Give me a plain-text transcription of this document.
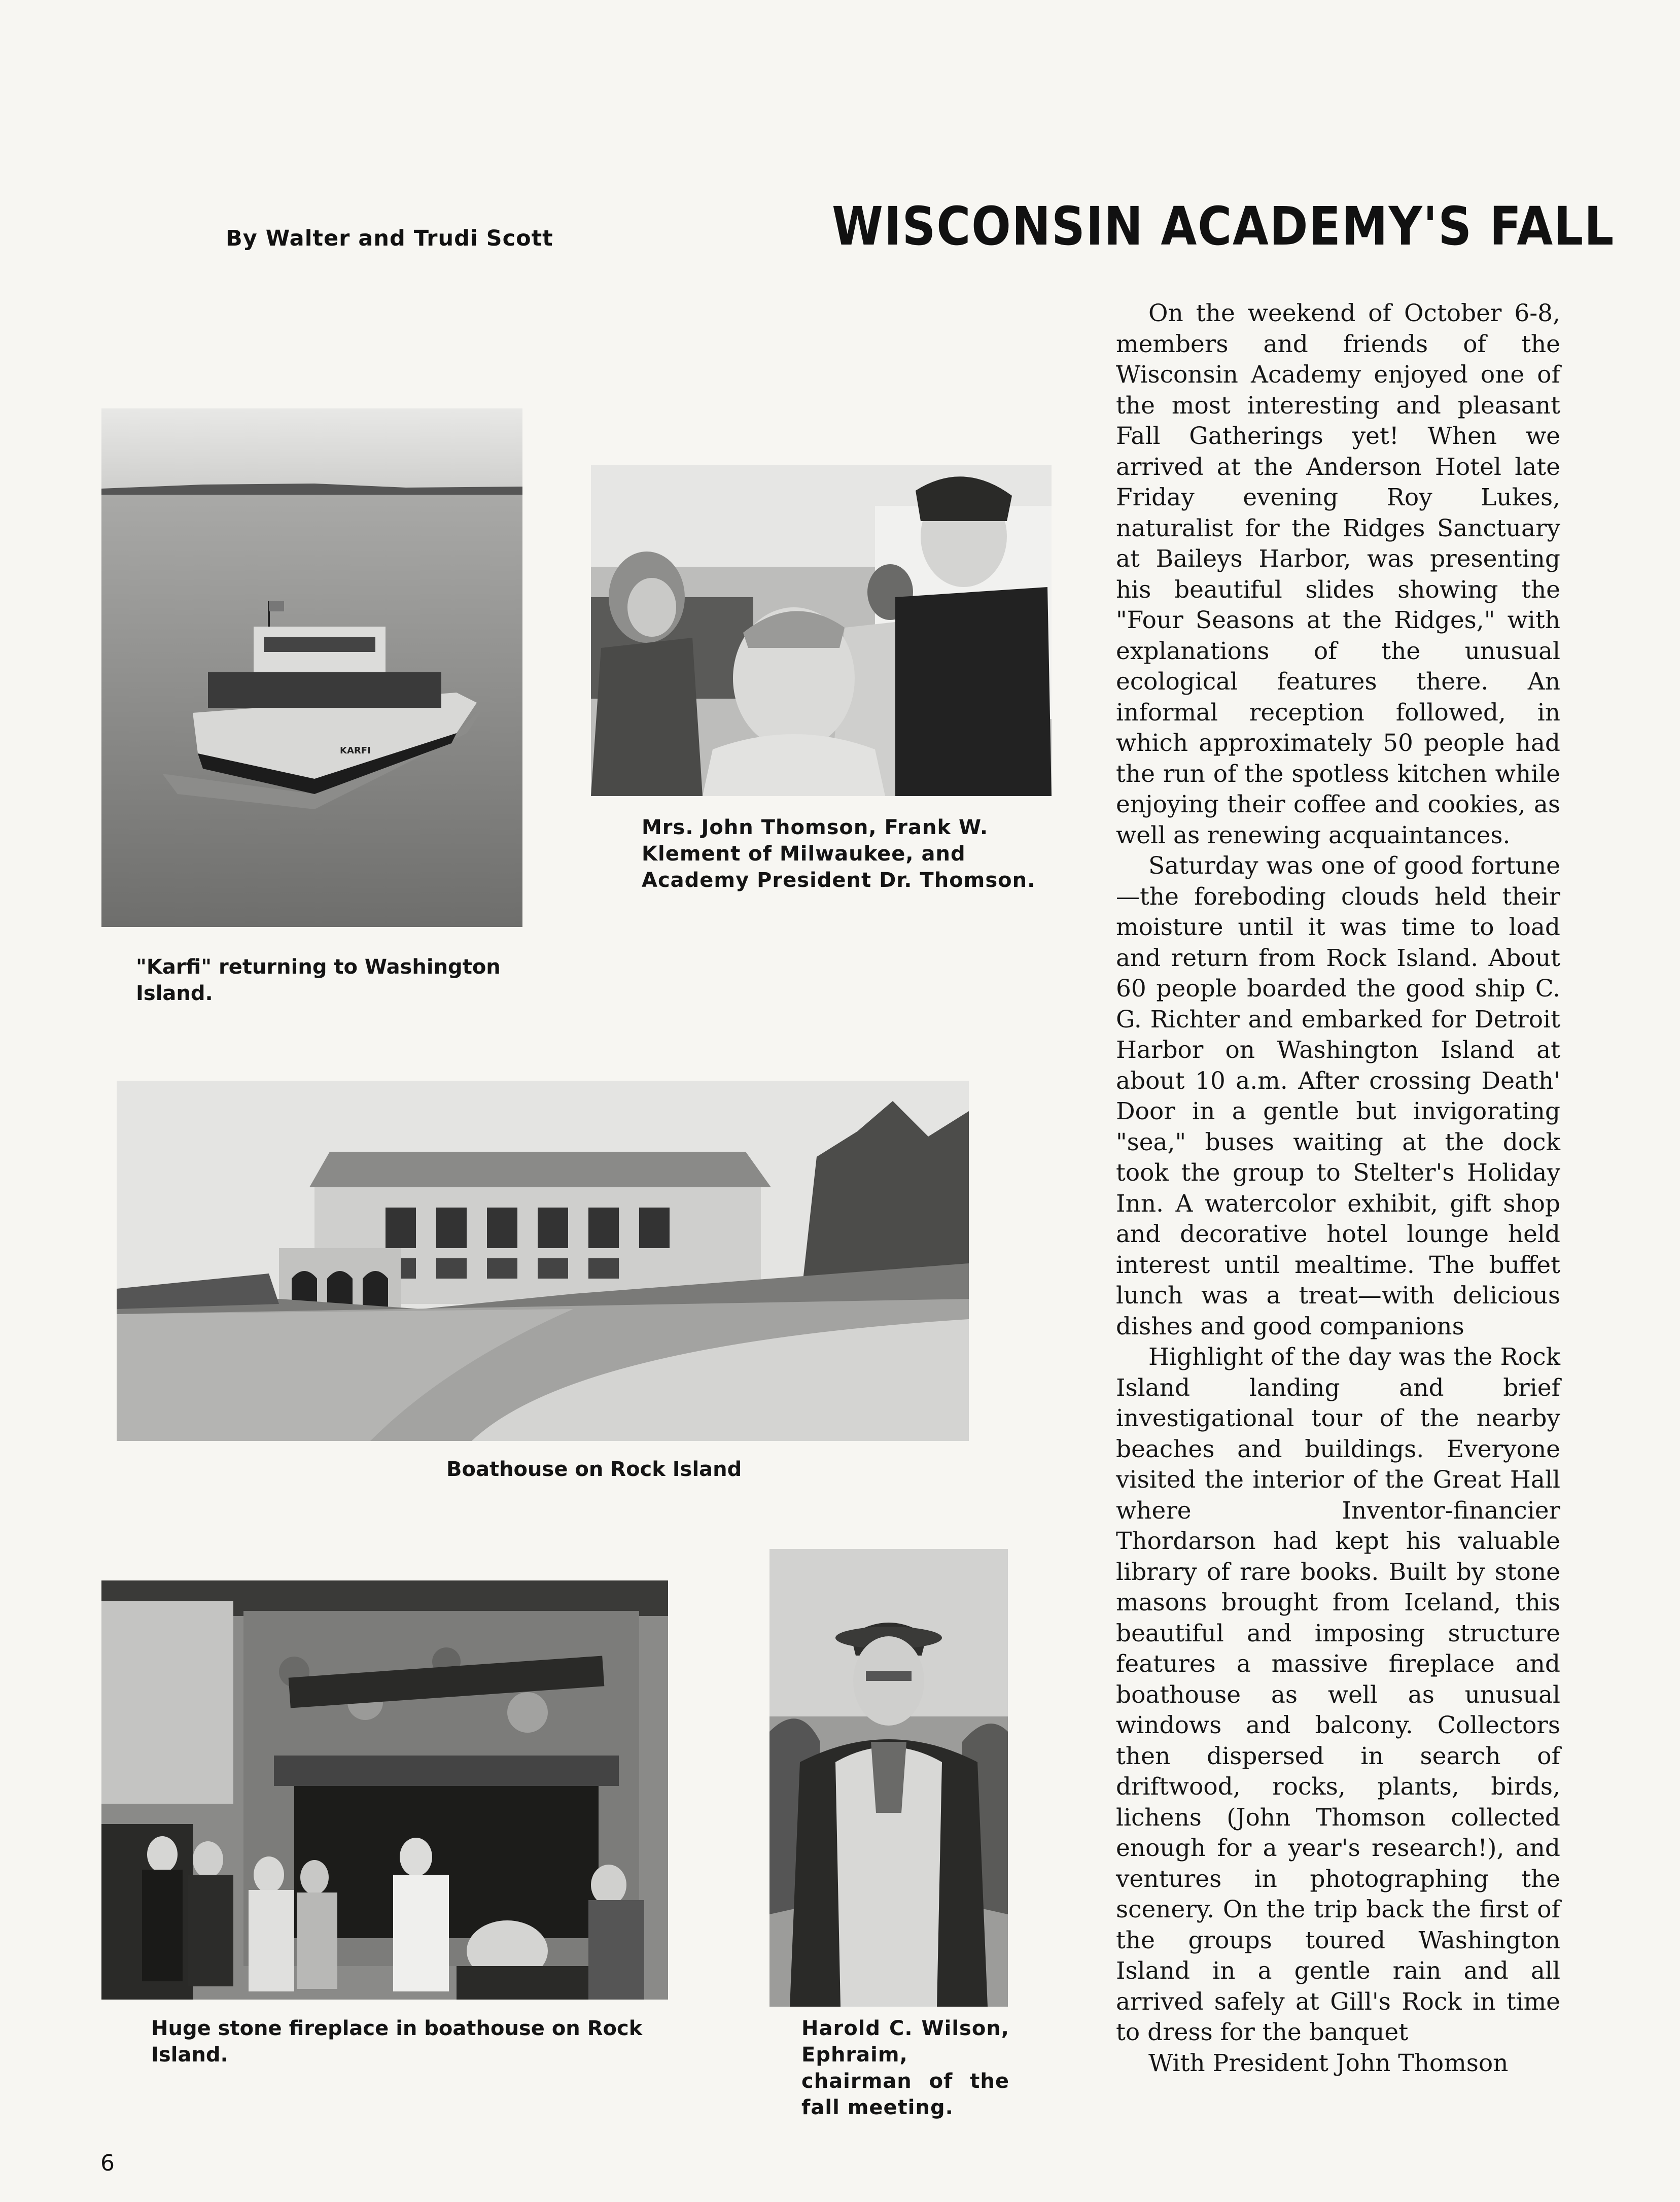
By Walter and Trudi Scott	WISCONSIN ACADEMY'S FALL
KARFI
"Karfi" returning to Washington Island.
Mrs. John Thomson, Frank W. Klement of Milwaukee, and Academy President Dr. Thomson.
Boathouse on Rock Island
Huge stone fireplace in boathouse on Rock Island.
Harold C. Wilson, Ephraim, chairman of the fall meeting.

On the weekend of October 6-8, members and friends of the Wisconsin Academy enjoyed one of the most interesting and pleasant Fall Gatherings yet! When we arrived at the Anderson Hotel late Friday evening Roy Lukes, naturalist for the Ridges Sanctuary at Baileys Harbor, was presenting his beautiful slides showing the "Four Seasons at the Ridges," with explanations of the unusual ecological features there. An informal reception followed, in which approximately 50 people had the run of the spotless kitchen while enjoying their coffee and cookies, as well as renewing acquaintances.

Saturday was one of good fortune—the foreboding clouds held their moisture until it was time to load and return from Rock Island. About 60 people boarded the good ship C. G. Richter and embarked for Detroit Harbor on Washington Island at about 10 a.m. After crossing Death' Door in a gentle but invigorating "sea," buses waiting at the dock took the group to Stelter's Holiday Inn. A watercolor exhibit, gift shop and decorative hotel lounge held interest until mealtime. The buffet lunch was a treat—with delicious dishes and good companions

Highlight of the day was the Rock Island landing and brief investigational tour of the nearby beaches and buildings. Everyone visited the interior of the Great Hall where Inventor-financier Thordarson had kept his valuable library of rare books. Built by stone masons brought from Iceland, this beautiful and imposing structure features a massive fireplace and boathouse as well as unusual windows and balcony. Collectors then dispersed in search of driftwood, rocks, plants, birds, lichens (John Thomson collected enough for a year's research!), and ventures in photographing the scenery. On the trip back the first of the groups toured Washington Island in a gentle rain and all arrived safely at Gill's Rock in time to dress for the banquet

With President John Thomson

6
